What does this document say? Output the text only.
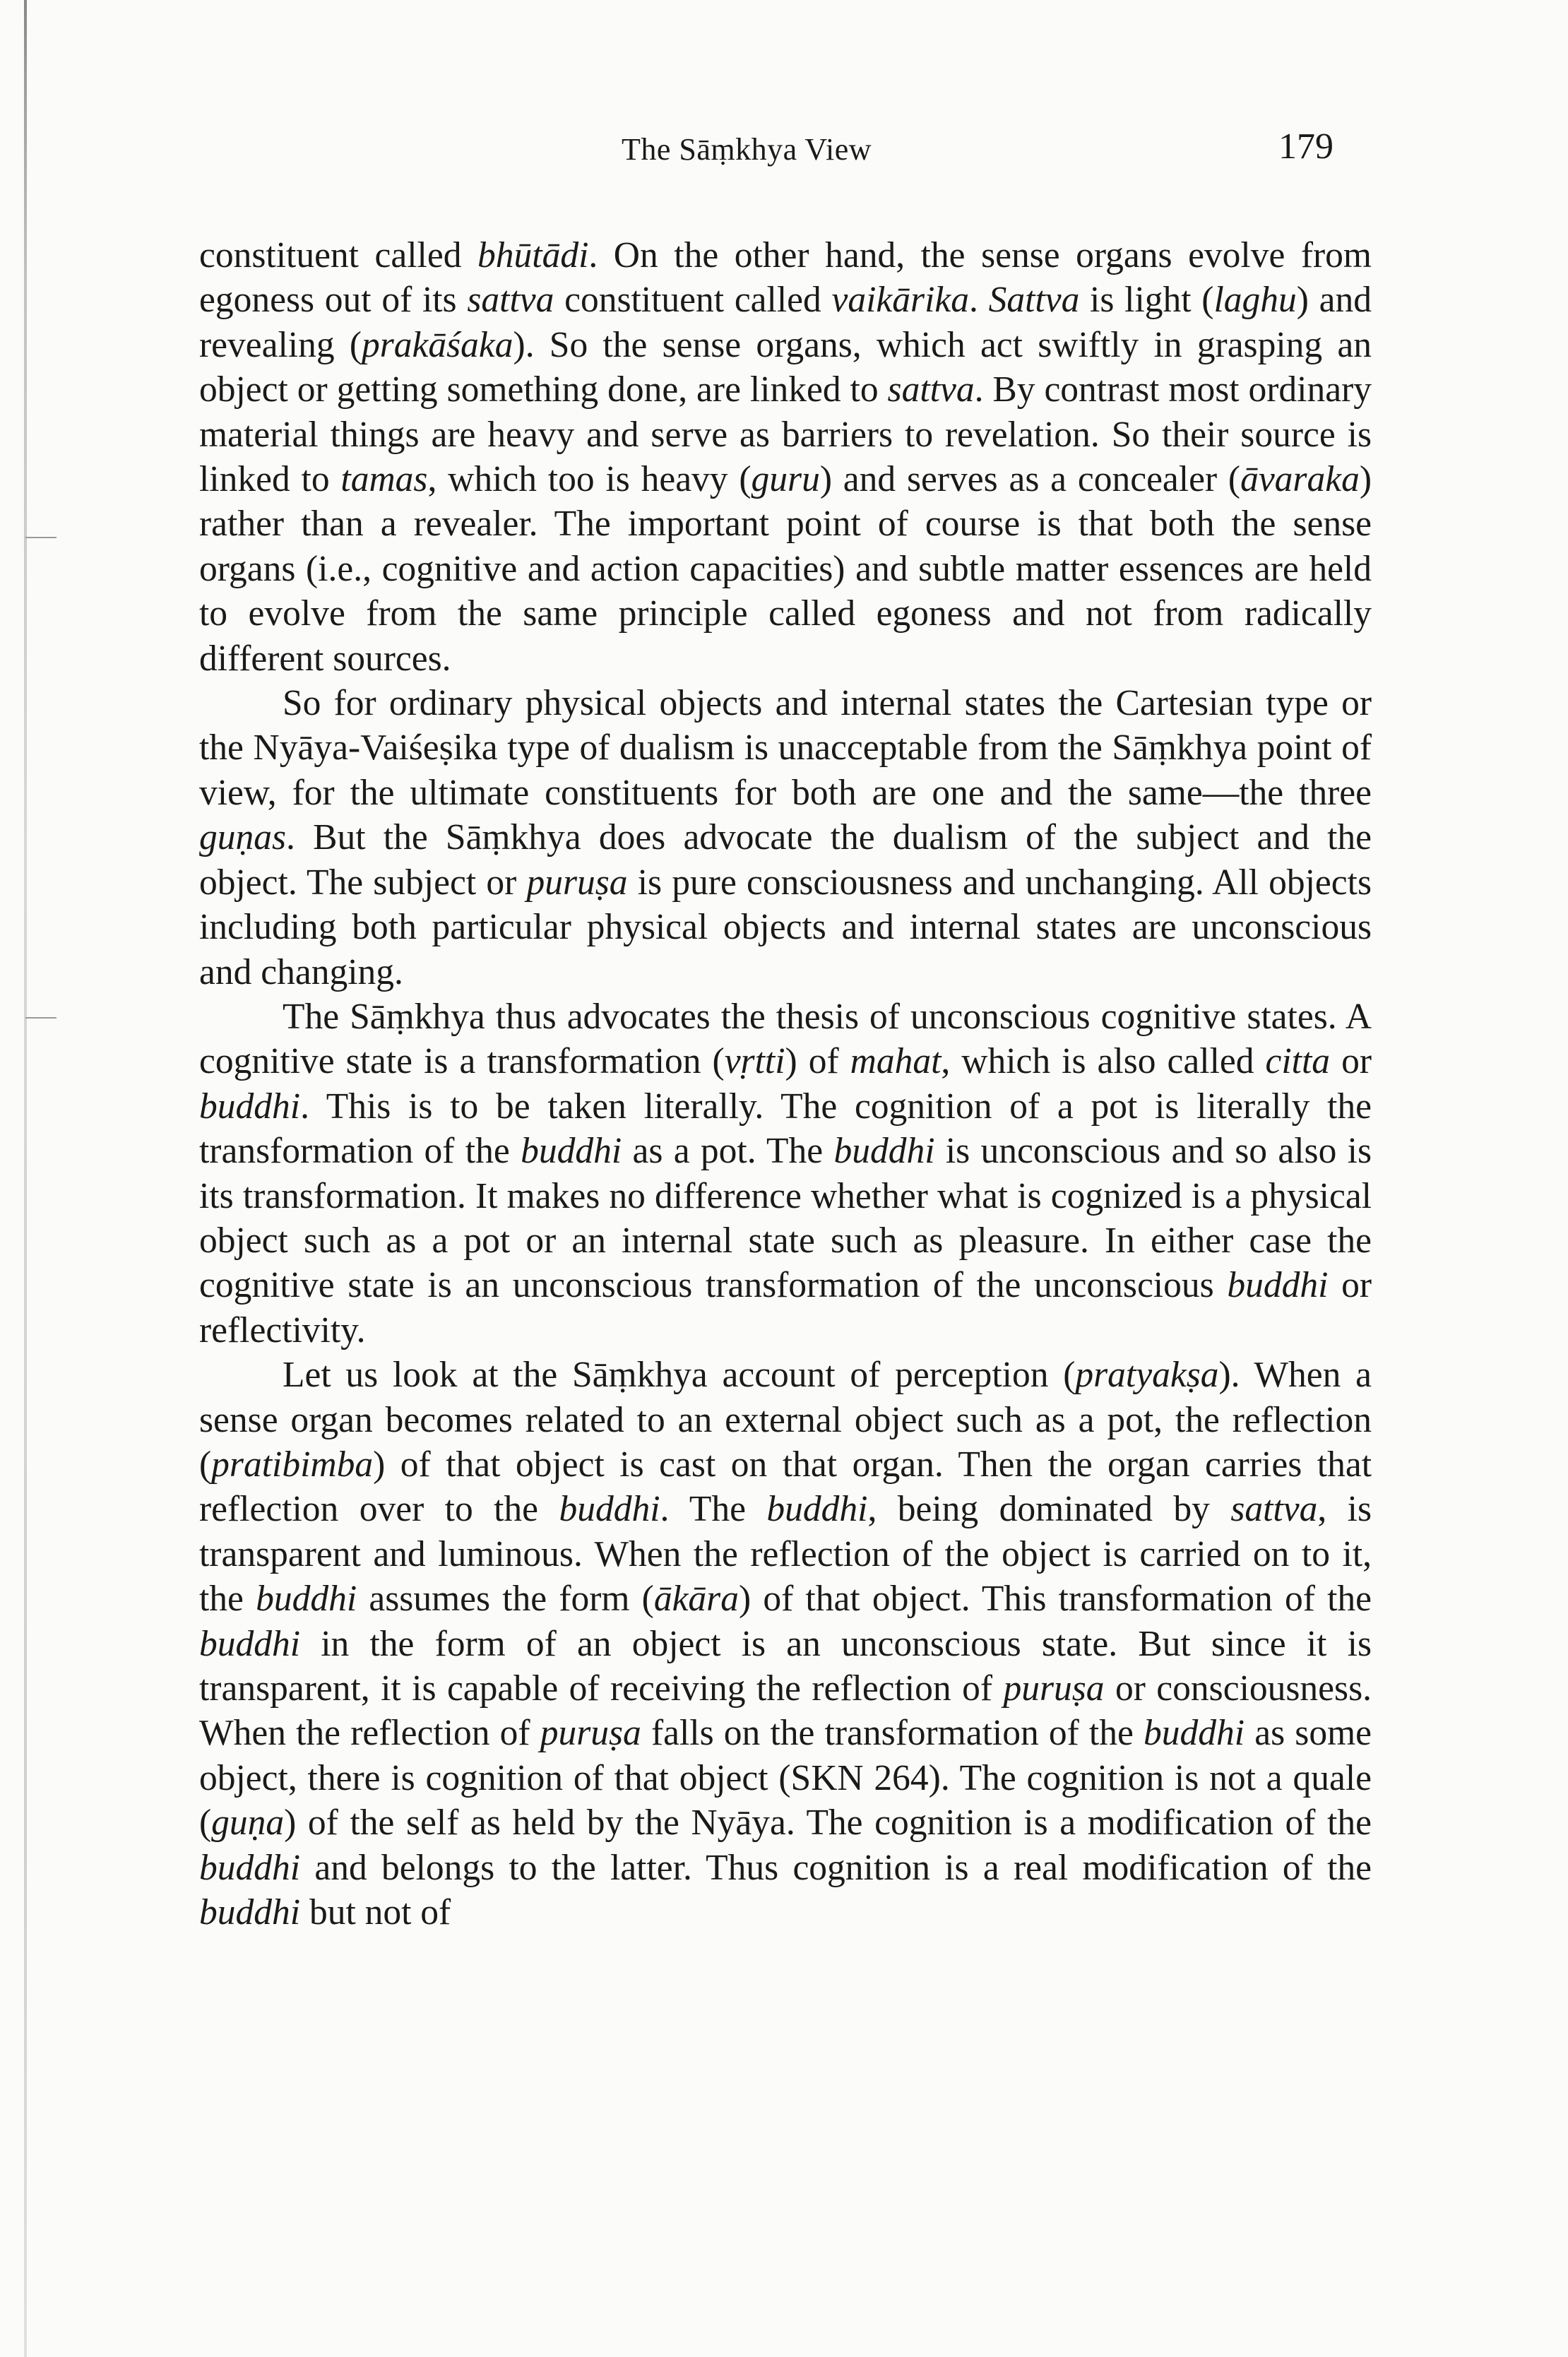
The Sāṃkhya View	179

constituent called bhūtādi. On the other hand, the sense organs evolve from egoness out of its sattva constituent called vaikārika. Sattva is light (laghu) and revealing (prakāśaka). So the sense organs, which act swiftly in grasping an object or getting something done, are linked to sattva. By contrast most ordinary material things are heavy and serve as barriers to revelation. So their source is linked to tamas, which too is heavy (guru) and serves as a concealer (āvaraka) rather than a revealer. The important point of course is that both the sense organs (i.e., cognitive and action capacities) and subtle matter essences are held to evolve from the same principle called egoness and not from radically different sources.

So for ordinary physical objects and internal states the Cartesian type or the Nyāya-Vaiśeṣika type of dualism is unacceptable from the Sāṃkhya point of view, for the ultimate constituents for both are one and the same—the three guṇas. But the Sāṃkhya does advocate the dualism of the subject and the object. The subject or puruṣa is pure consciousness and unchanging. All objects including both particular physical objects and internal states are unconscious and changing.

The Sāṃkhya thus advocates the thesis of unconscious cognitive states. A cognitive state is a transformation (vṛtti) of mahat, which is also called citta or buddhi. This is to be taken literally. The cognition of a pot is literally the transformation of the buddhi as a pot. The buddhi is unconscious and so also is its transformation. It makes no difference whether what is cognized is a physical object such as a pot or an internal state such as pleasure. In either case the cognitive state is an unconscious transformation of the unconscious buddhi or reflectivity.

Let us look at the Sāṃkhya account of perception (pratyakṣa). When a sense organ becomes related to an external object such as a pot, the reflection (pratibimba) of that object is cast on that organ. Then the organ carries that reflection over to the buddhi. The buddhi, being dominated by sattva, is transparent and luminous. When the reflection of the object is carried on to it, the buddhi assumes the form (ākāra) of that object. This transformation of the buddhi in the form of an object is an unconscious state. But since it is transparent, it is capable of receiving the reflection of puruṣa or consciousness. When the reflection of puruṣa falls on the transformation of the buddhi as some object, there is cognition of that object (SKN 264). The cognition is not a quale (guṇa) of the self as held by the Nyāya. The cognition is a modification of the buddhi and belongs to the latter. Thus cognition is a real modification of the buddhi but not of
